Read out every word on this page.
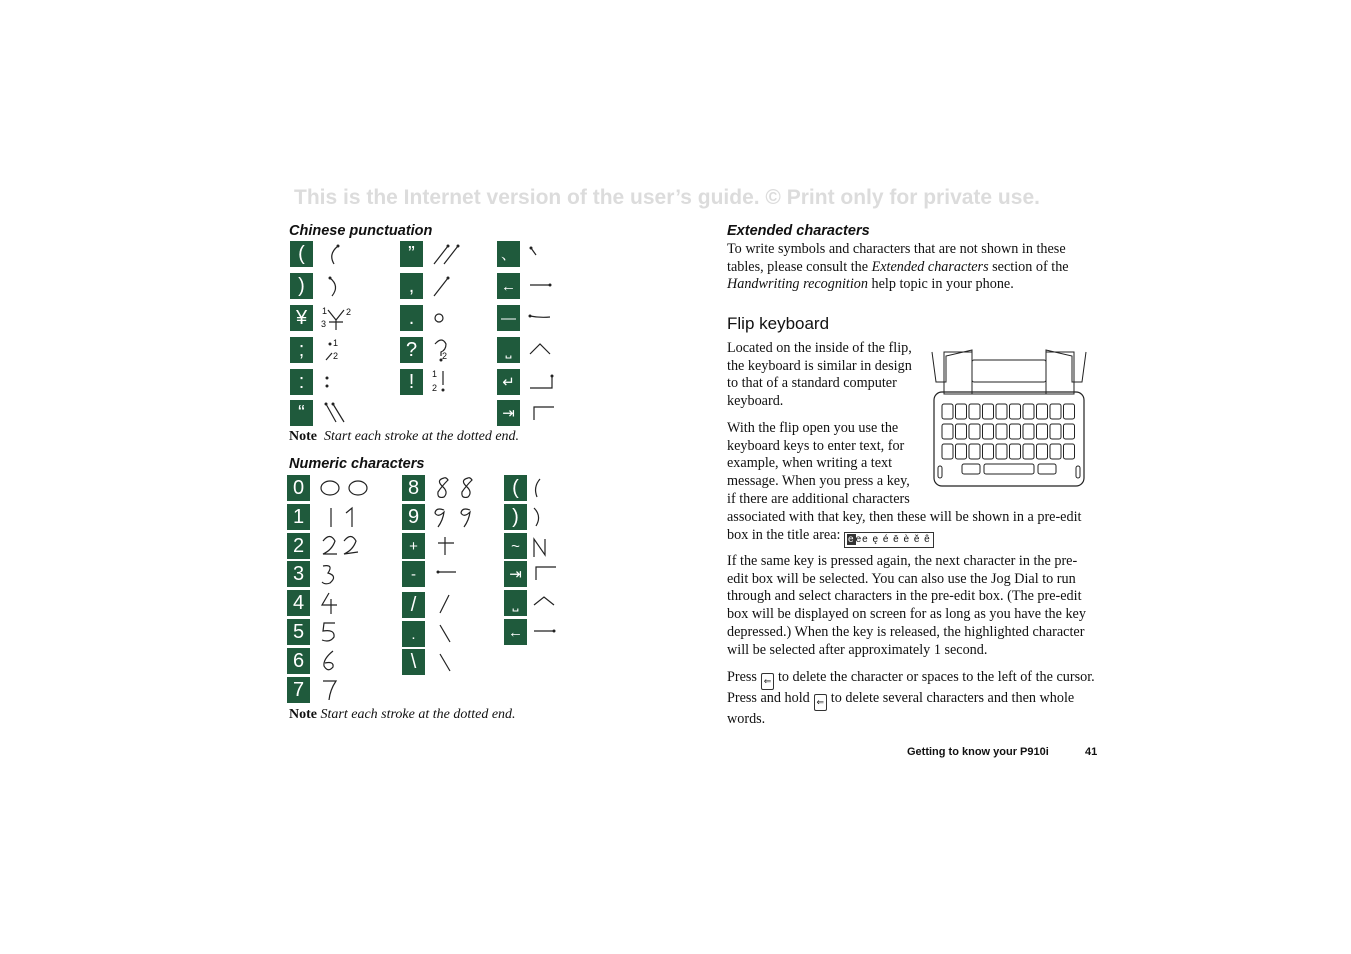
This is the Internet version of the user’s guide. © Print only for private use.
Chinese punctuation
(
)
¥
;
:
“
”
,
.
?
!
、
←
—
⎵
↵
⇥
1 2
3
1
2	2
1
2
Note Start each stroke at the dotted end.
Numeric characters
0
1
2
3
4
5
6
7
8
9
+
-
/
.
\
(
)
~
⇥
⎵
←
Note Start each stroke at the dotted end.
Extended characters

To write symbols and characters that are not shown in these tables, please consult the Extended characters section of the Handwriting recognition help topic in your phone.

Flip keyboard
Located on the inside of the flip, the keyboard is similar in design to that of a standard computer keyboard.
With the flip open you use the keyboard keys to enter text, for example, when writing a text message. When you press a key, if there are additional characters
associated with that key, then these will be shown in a pre-edit box in the title area: eee ę é ē è ě ê
If the same key is pressed again, the next character in the pre-edit box will be selected. You can also use the Jog Dial to run through and select characters in the pre-edit box. (The pre-edit box will be displayed on screen for as long as you have the key depressed.) When the key is released, the highlighted character will be selected after approximately 1 second.
Press ⇐ to delete the character or spaces to the left of the cursor. Press and hold ⇐ to delete several characters and then whole words.
Getting to know your P910i	41
